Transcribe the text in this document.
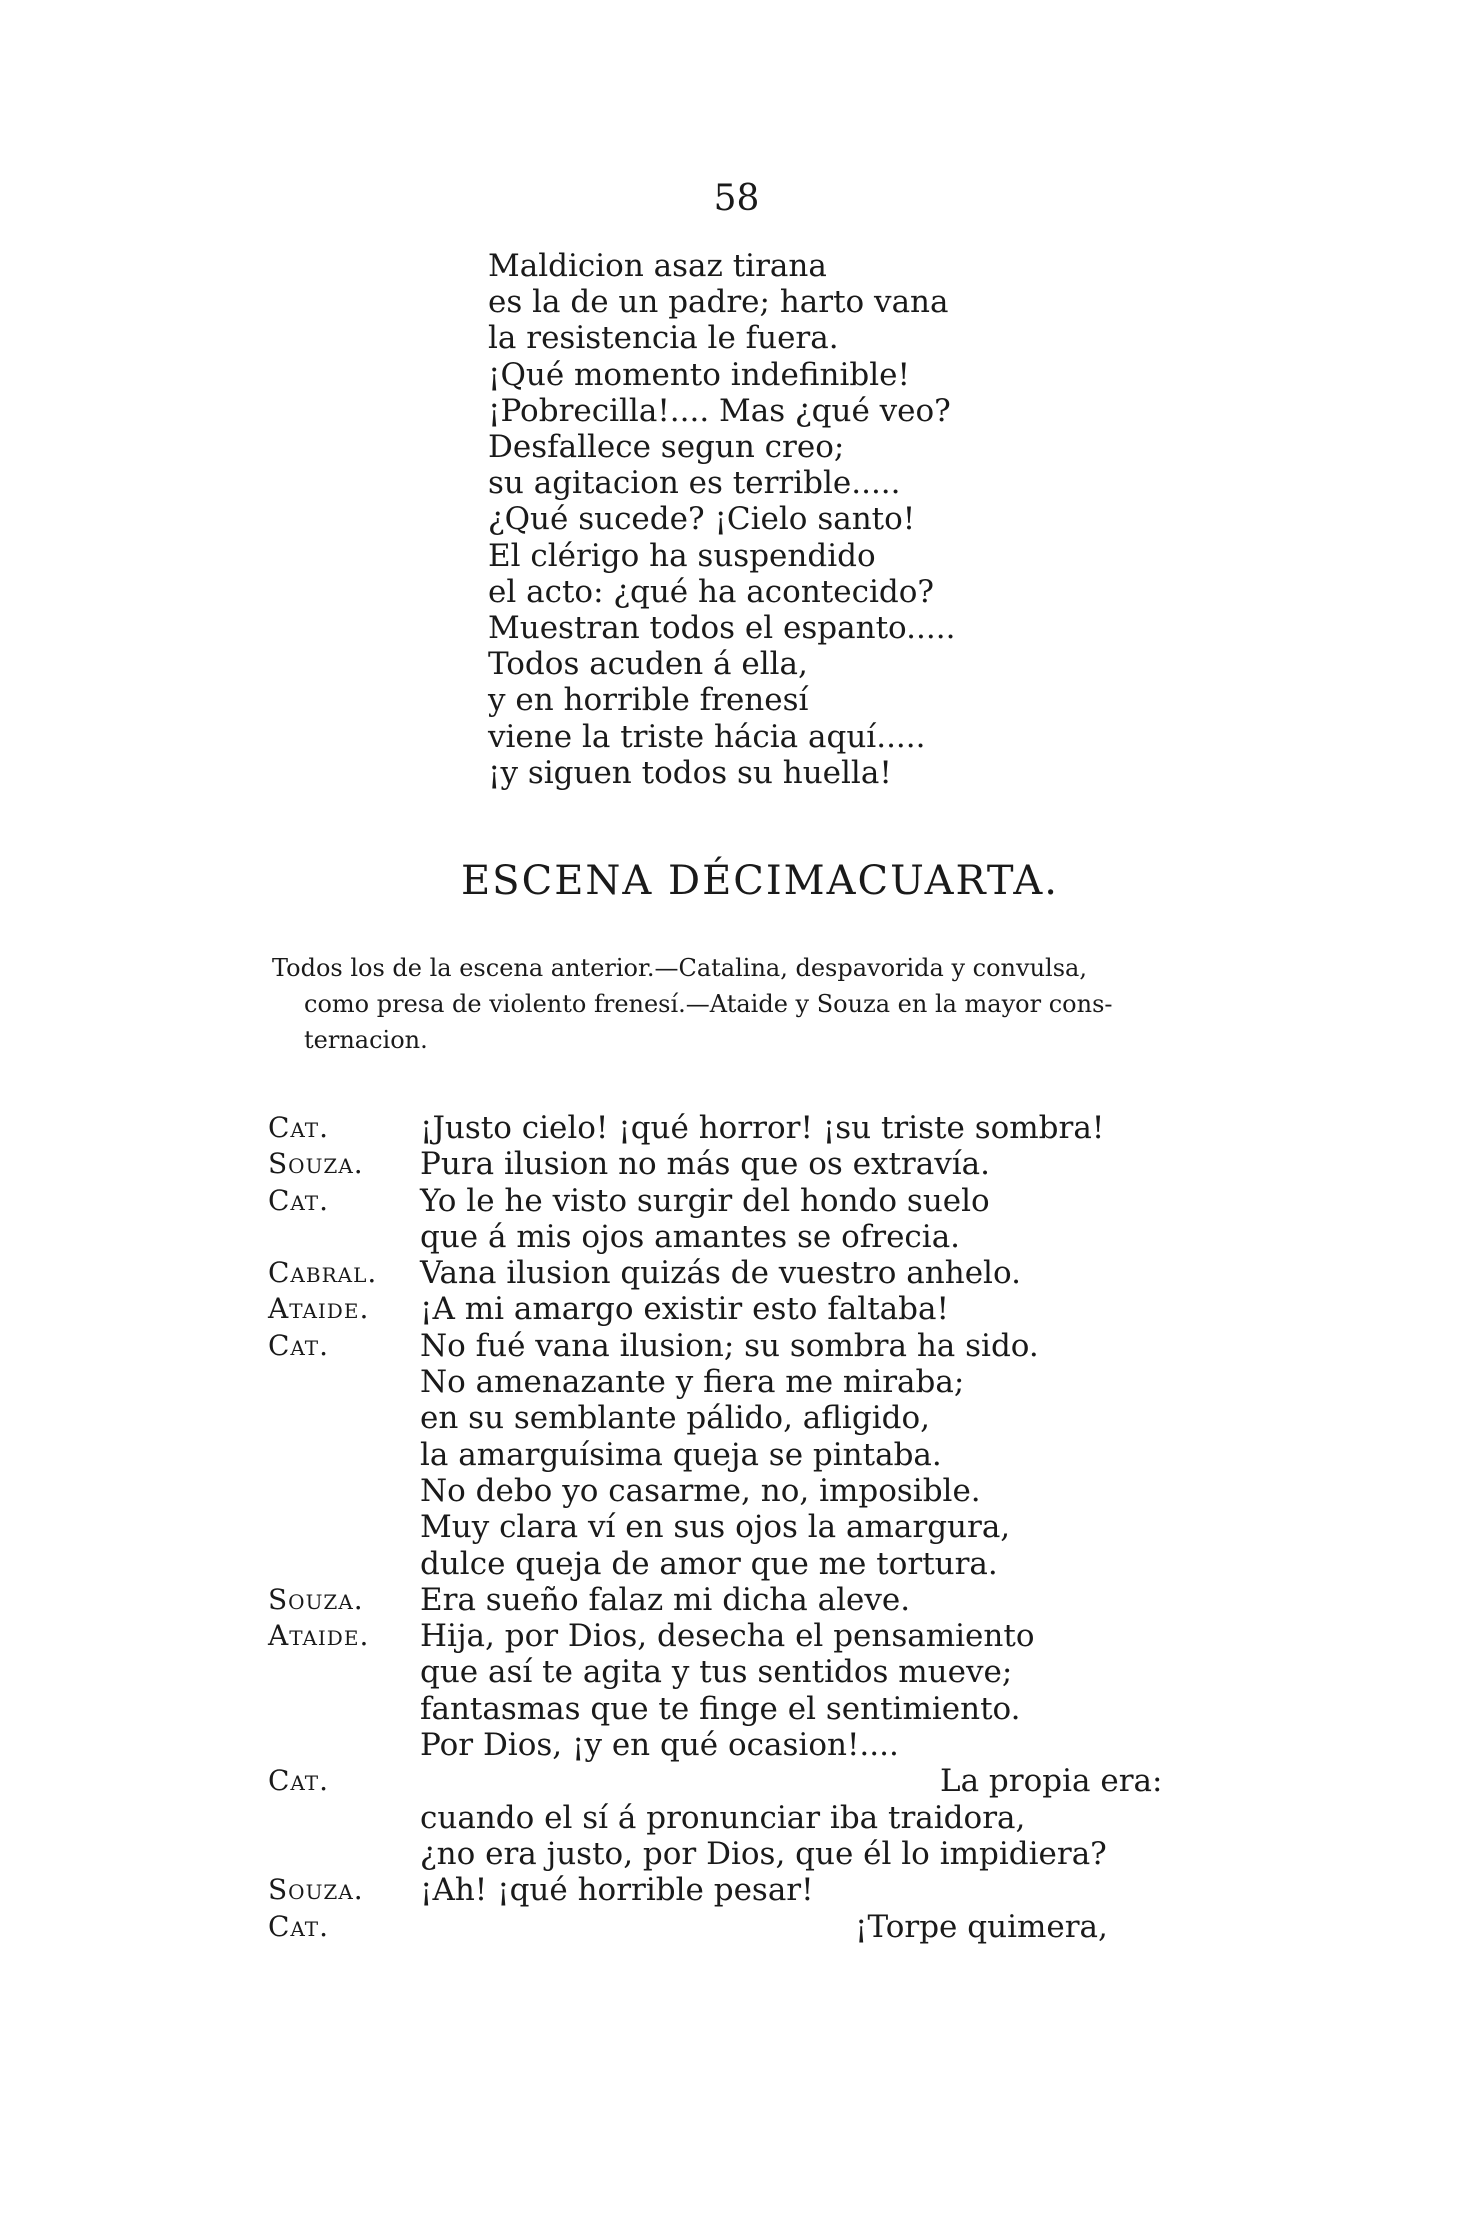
58
Maldicion asaz tirana
es la de un padre; harto vana
la resistencia le fuera.
¡Qué momento indefinible!
¡Pobrecilla!.... Mas ¿qué veo?
Desfallece segun creo;
su agitacion es terrible.....
¿Qué sucede? ¡Cielo santo!
El clérigo ha suspendido
el acto: ¿qué ha acontecido?
Muestran todos el espanto.....
Todos acuden á ella,
y en horrible frenesí
viene la triste hácia aquí.....
¡y siguen todos su huella!
ESCENA DÉCIMACUARTA.
Todos los de la escena anterior.—Catalina, despavorida y convulsa,
como presa de violento frenesí.—Ataide y Souza en la mayor cons-
ternacion.
Cat.	¡Justo cielo! ¡qué horror! ¡su triste sombra!
Souza.	Pura ilusion no más que os extravía.
Cat.	Yo le he visto surgir del hondo suelo
que á mis ojos amantes se ofrecia.
Cabral.	Vana ilusion quizás de vuestro anhelo.
Ataide.	¡A mi amargo existir esto faltaba!
Cat.	No fué vana ilusion; su sombra ha sido.
No amenazante y fiera me miraba;
en su semblante pálido, afligido,
la amarguísima queja se pintaba.
No debo yo casarme, no, imposible.
Muy clara ví en sus ojos la amargura,
dulce queja de amor que me tortura.
Souza.	Era sueño falaz mi dicha aleve.
Ataide.	Hija, por Dios, desecha el pensamiento
que así te agita y tus sentidos mueve;
fantasmas que te finge el sentimiento.
Por Dios, ¡y en qué ocasion!....
Cat.	La propia era:
cuando el sí á pronunciar iba traidora,
¿no era justo, por Dios, que él lo impidiera?
Souza.	¡Ah! ¡qué horrible pesar!
Cat.	¡Torpe quimera,
